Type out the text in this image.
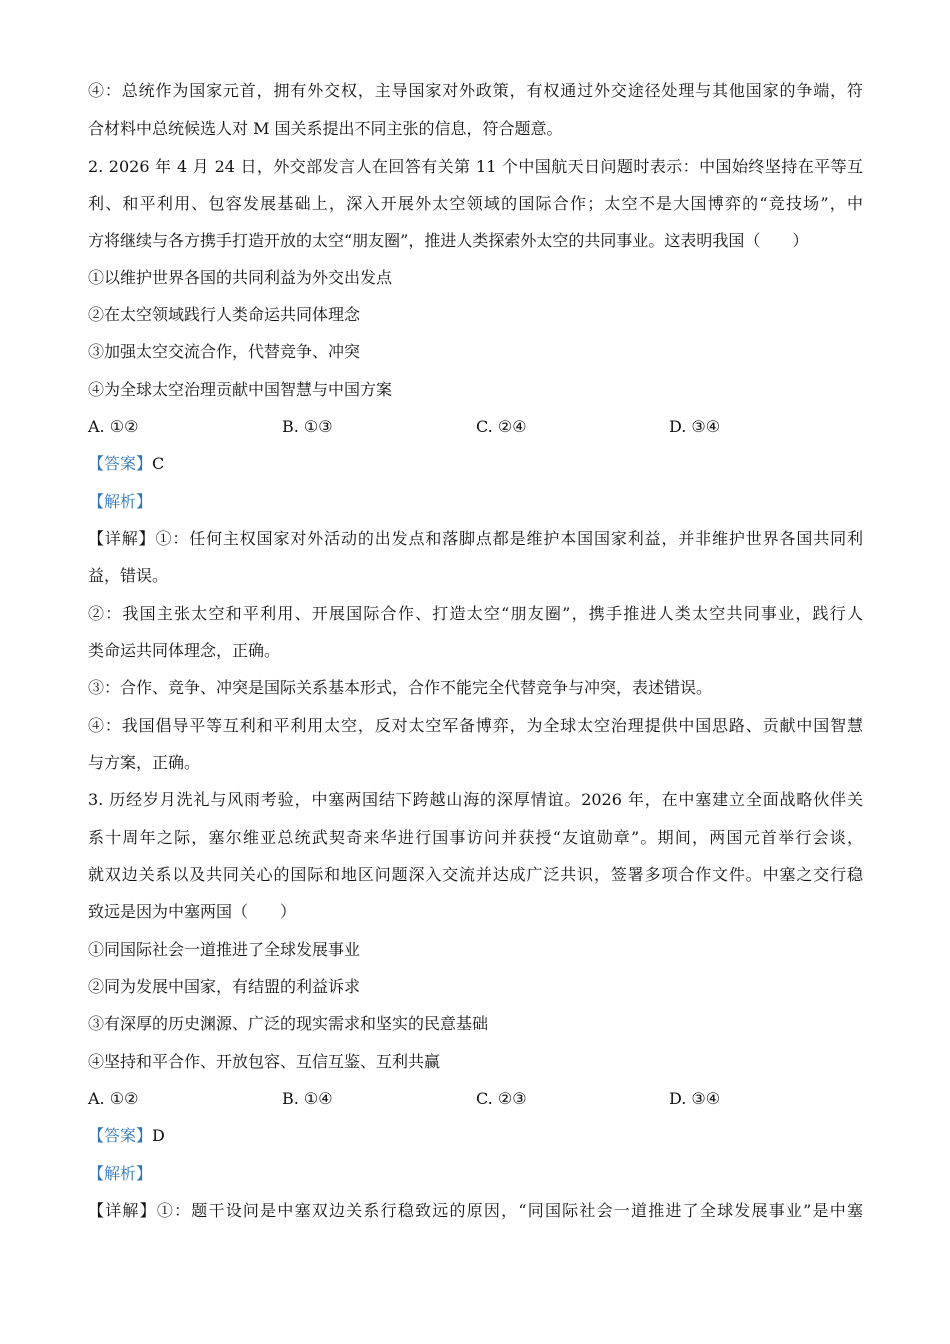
④：总统作为国家元首，拥有外交权，主导国家对外政策，有权通过外交途径处理与其他国家的争端，符
合材料中总统候选人对 M 国关系提出不同主张的信息，符合题意。
2. 2026 年 4 月 24 日，外交部发言人在回答有关第 11 个中国航天日问题时表示：中国始终坚持在平等互
利、和平利用、包容发展基础上，深入开展外太空领域的国际合作；太空不是大国博弈的“竞技场”，中
方将继续与各方携手打造开放的太空“朋友圈”，推进人类探索外太空的共同事业。这表明我国（　　）
①以维护世界各国的共同利益为外交出发点
②在太空领域践行人类命运共同体理念
③加强太空交流合作，代替竞争、冲突
④为全球太空治理贡献中国智慧与中国方案
A. ①②	B. ①③	C. ②④	D. ③④
【答案】C
【解析】
【详解】①：任何主权国家对外活动的出发点和落脚点都是维护本国国家利益，并非维护世界各国共同利
益，错误。
②：我国主张太空和平利用、开展国际合作、打造太空“朋友圈”，携手推进人类太空共同事业，践行人
类命运共同体理念，正确。
③：合作、竞争、冲突是国际关系基本形式，合作不能完全代替竞争与冲突，表述错误。
④：我国倡导平等互利和平利用太空，反对太空军备博弈，为全球太空治理提供中国思路、贡献中国智慧
与方案，正确。
3. 历经岁月洗礼与风雨考验，中塞两国结下跨越山海的深厚情谊。2026 年，在中塞建立全面战略伙伴关
系十周年之际，塞尔维亚总统武契奇来华进行国事访问并获授“友谊勋章”。期间，两国元首举行会谈，
就双边关系以及共同关心的国际和地区问题深入交流并达成广泛共识，签署多项合作文件。中塞之交行稳
致远是因为中塞两国（　　）
①同国际社会一道推进了全球发展事业
②同为发展中国家，有结盟的利益诉求
③有深厚的历史渊源、广泛的现实需求和坚实的民意基础
④坚持和平合作、开放包容、互信互鉴、互利共赢
A. ①②	B. ①④	C. ②③	D. ③④
【答案】D
【解析】
【详解】①：题干设问是中塞双边关系行稳致远的原因，“同国际社会一道推进了全球发展事业”是中塞
